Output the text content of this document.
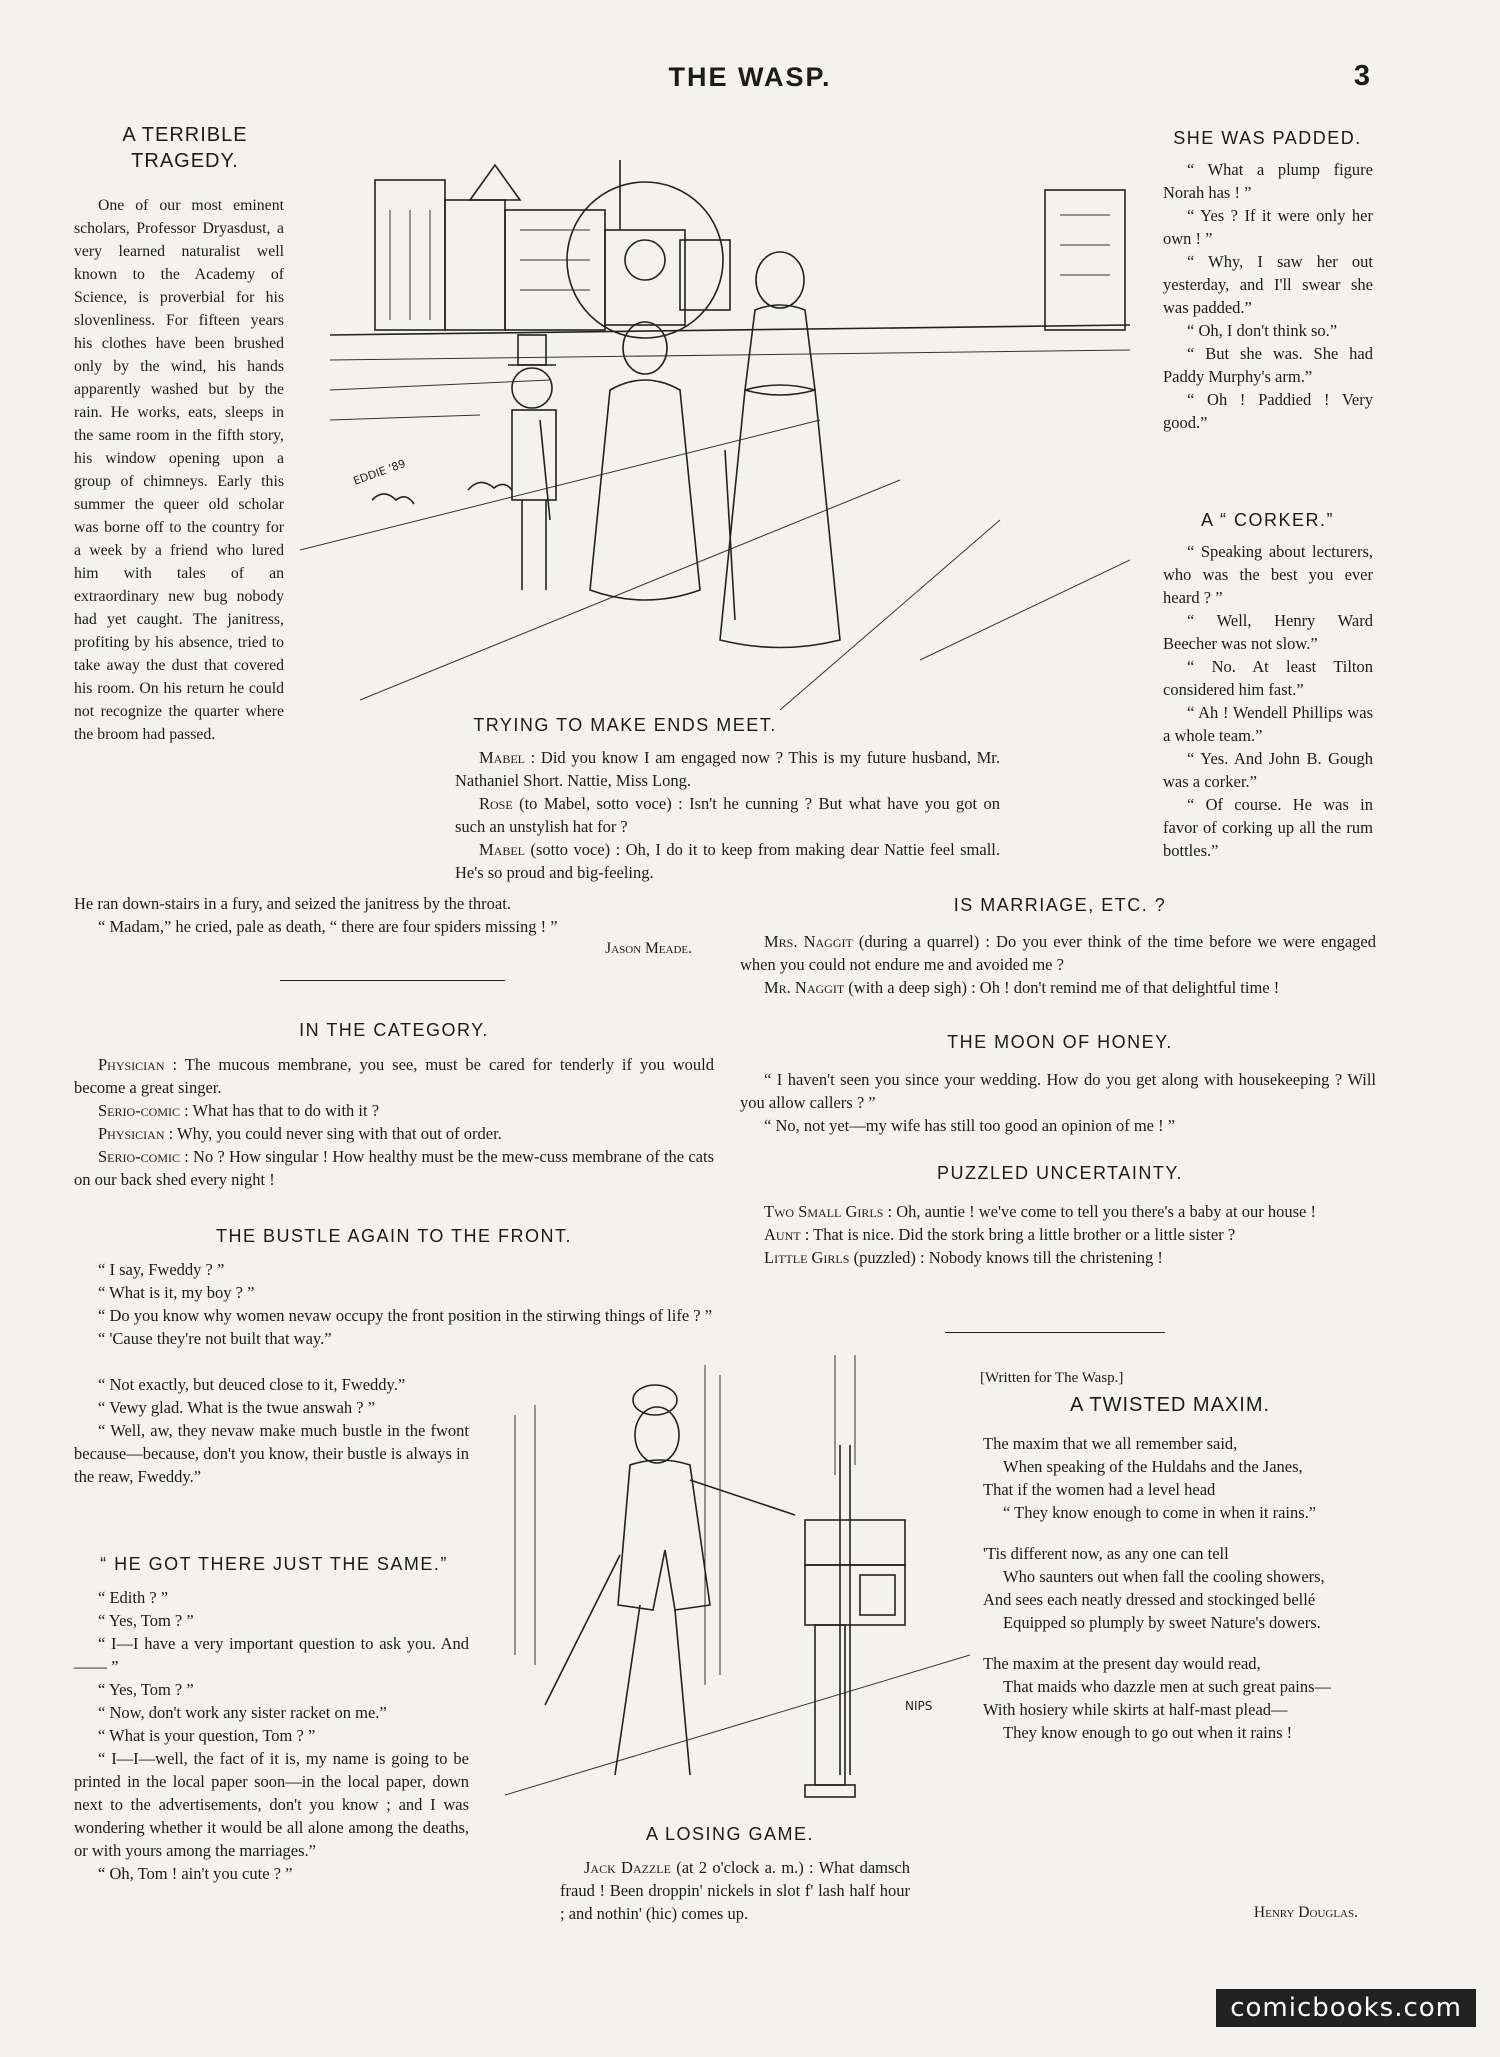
THE WASP.	3
A TERRIBLE
TRAGEDY.

One of our most eminent scholars, Professor Dryasdust, a very learned naturalist well known to the Academy of Science, is proverbial for his slovenliness. For fifteen years his clothes have been brushed only by the wind, his hands apparently washed but by the rain. He works, eats, sleeps in the same room in the fifth story, his window opening upon a group of chimneys. Early this summer the queer old scholar was borne off to the country for a week by a friend who lured him with tales of an extraordinary new bug nobody had yet caught. The janitress, profiting by his absence, tried to take away the dust that covered his room. On his return he could not recognize the quarter where the broom had passed.

He ran down-stairs in a fury, and seized the janitress by the throat.

“ Madam,” he cried, pale as death, “ there are four spiders missing ! ”

Jason Meade.
EDDIE '89
TRYING TO MAKE ENDS MEET.

Mabel : Did you know I am engaged now ? This is my future husband, Mr. Nathaniel Short. Nattie, Miss Long.

Rose (to Mabel, sotto voce) : Isn't he cunning ? But what have you got on such an unstylish hat for ?

Mabel (sotto voce) : Oh, I do it to keep from making dear Nattie feel small. He's so proud and big-feeling.

SHE WAS PADDED.

“ What a plump figure Norah has ! ”

“ Yes ? If it were only her own ! ”

“ Why, I saw her out yesterday, and I'll swear she was padded.”

“ Oh, I don't think so.”

“ But she was. She had Paddy Murphy's arm.”

“ Oh ! Paddied ! Very good.”

A “ CORKER.”

“ Speaking about lecturers, who was the best you ever heard ? ”

“ Well, Henry Ward Beecher was not slow.”

“ No. At least Tilton considered him fast.”

“ Ah ! Wendell Phillips was a whole team.”

“ Yes. And John B. Gough was a corker.”

“ Of course. He was in favor of corking up all the rum bottles.”

IN THE CATEGORY.

Physician : The mucous membrane, you see, must be cared for tenderly if you would become a great singer.

Serio-comic : What has that to do with it ?

Physician : Why, you could never sing with that out of order.

Serio-comic : No ? How singular ! How healthy must be the mew-cuss membrane of the cats on our back shed every night !

THE BUSTLE AGAIN TO THE FRONT.

“ I say, Fweddy ? ”

“ What is it, my boy ? ”

“ Do you know why women nevaw occupy the front position in the stirwing things of life ? ”

“ 'Cause they're not built that way.”

“ Not exactly, but deuced close to it, Fweddy.”

“ Vewy glad. What is the twue answah ? ”

“ Well, aw, they nevaw make much bustle in the fwont because—because, don't you know, their bustle is always in the reaw, Fweddy.”

“ HE GOT THERE JUST THE SAME.”

“ Edith ? ”

“ Yes, Tom ? ”

“ I—I have a very important question to ask you. And —— ”

“ Yes, Tom ? ”

“ Now, don't work any sister racket on me.”

“ What is your question, Tom ? ”

“ I—I—well, the fact of it is, my name is going to be printed in the local paper soon—in the local paper, down next to the advertisements, don't you know ; and I was wondering whether it would be all alone among the deaths, or with yours among the marriages.”

“ Oh, Tom ! ain't you cute ? ”

IS MARRIAGE, ETC. ?

Mrs. Naggit (during a quarrel) : Do you ever think of the time before we were engaged when you could not endure me and avoided me ?

Mr. Naggit (with a deep sigh) : Oh ! don't remind me of that delightful time !

THE MOON OF HONEY.

“ I haven't seen you since your wedding. How do you get along with housekeeping ? Will you allow callers ? ”

“ No, not yet—my wife has still too good an opinion of me ! ”

PUZZLED UNCERTAINTY.

Two Small Girls : Oh, auntie ! we've come to tell you there's a baby at our house !

Aunt : That is nice. Did the stork bring a little brother or a little sister ?

Little Girls (puzzled) : Nobody knows till the christening !

NIPS
A LOSING GAME.

Jack Dazzle (at 2 o'clock a. m.) : What damsch fraud ! Been droppin' nickels in slot f' lash half hour ; and nothin' (hic) comes up.

[Written for The Wasp.]
A TWISTED MAXIM.
The maxim that we all remember said,
When speaking of the Huldahs and the Janes,
That if the women had a level head
“ They know enough to come in when it rains.”
'Tis different now, as any one can tell
Who saunters out when fall the cooling showers,
And sees each neatly dressed and stockinged bellé
Equipped so plumply by sweet Nature's dowers.
The maxim at the present day would read,
That maids who dazzle men at such great pains—
With hosiery while skirts at half-mast plead—
They know enough to go out when it rains !
Henry Douglas.
comicbooks.com
